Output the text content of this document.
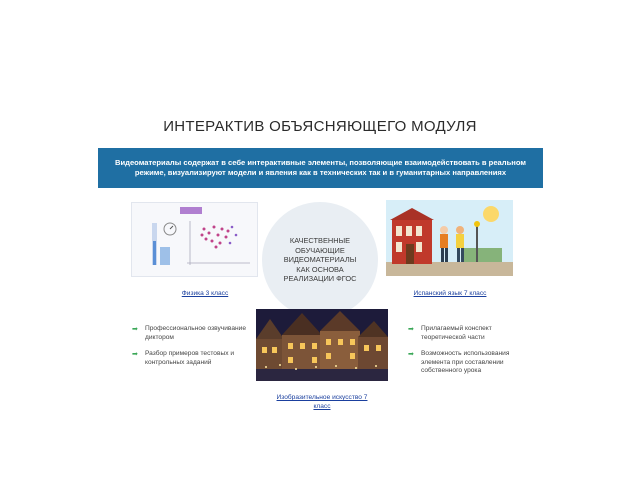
ИНТЕРАКТИВ ОБЪЯСНЯЮЩЕГО МОДУЛЯ
Видеоматериалы содержат в себе интерактивные элементы, позволяющие взаимодействовать в реальном режиме, визуализируют модели и явления как в технических так и в гуманитарных направлениях
Физика 3 класс
КАЧЕСТВЕННЫЕ
ОБУЧАЮЩИЕ
ВИДЕОМАТЕРИАЛЫ
КАК ОСНОВА
РЕАЛИЗАЦИИ ФГОС
Испанский язык 7 класс
Изобразительное искусство 7
класс
➡ Профессиональное озвучивание диктором
➡ Разбор примеров тестовых и контрольных заданий
➡ Прилагаемый конспект теоретической части
➡ Возможность использования элемента при составлении собственного урока
